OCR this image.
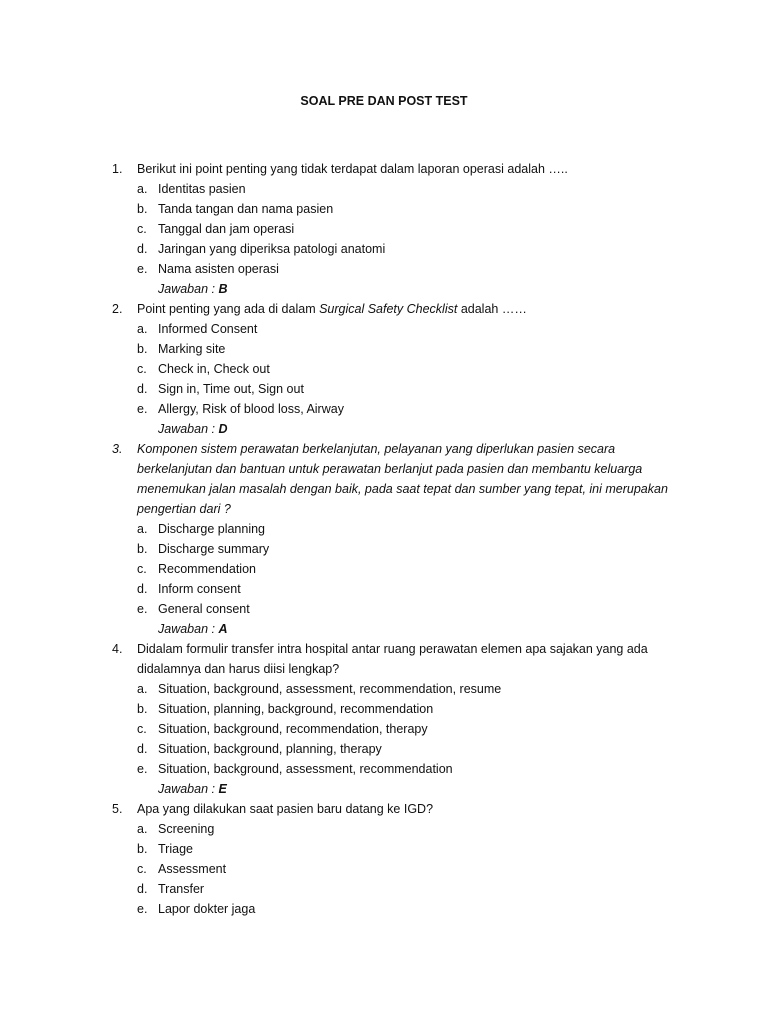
SOAL PRE DAN POST TEST
1.	Berikut ini point penting yang tidak terdapat dalam laporan operasi adalah …..
a. Identitas pasien
b. Tanda tangan dan nama pasien
c. Tanggal dan jam operasi
d. Jaringan yang diperiksa patologi anatomi
e. Nama asisten operasi
Jawaban : B
2.	Point penting yang ada di dalam Surgical Safety Checklist adalah ……
a. Informed Consent
b. Marking site
c. Check in, Check out
d. Sign in, Time out, Sign out
e. Allergy, Risk of blood loss, Airway
Jawaban : D
3.	Komponen sistem perawatan berkelanjutan, pelayanan yang diperlukan pasien secara berkelanjutan dan bantuan untuk perawatan berlanjut pada pasien dan membantu keluarga menemukan jalan masalah dengan baik, pada saat tepat dan sumber yang tepat, ini merupakan pengertian dari ?
a. Discharge planning
b. Discharge summary
c. Recommendation
d. Inform consent
e. General consent
Jawaban : A
4.	Didalam formulir transfer intra hospital antar ruang perawatan elemen apa sajakan yang ada didalamnya dan harus diisi lengkap?
a. Situation, background, assessment, recommendation, resume
b. Situation, planning, background, recommendation
c. Situation, background, recommendation, therapy
d. Situation, background, planning, therapy
e. Situation, background, assessment, recommendation
Jawaban : E
5.	Apa yang dilakukan saat pasien baru datang ke IGD?
a. Screening
b. Triage
c. Assessment
d. Transfer
e. Lapor dokter jaga
